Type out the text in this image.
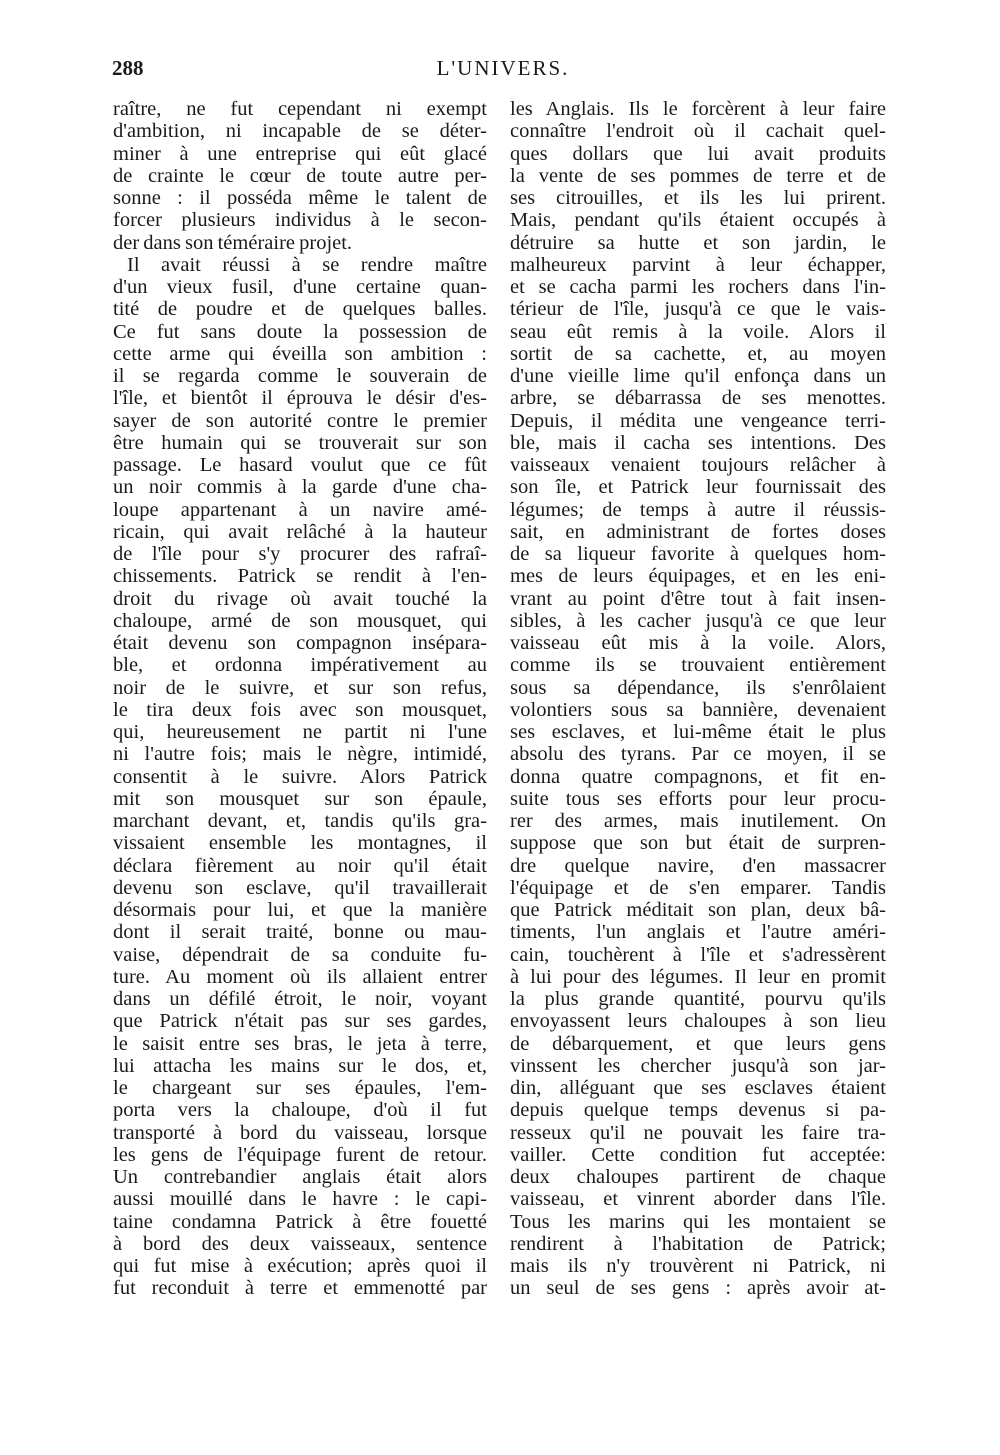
288	L'UNIVERS.
raître, ne fut cependant ni exempt
d'ambition, ni incapable de se déter-
miner à une entreprise qui eût glacé
de crainte le cœur de toute autre per-
sonne : il posséda même le talent de
forcer plusieurs individus à le secon-
der dans son téméraire projet.
Il avait réussi à se rendre maître
d'un vieux fusil, d'une certaine quan-
tité de poudre et de quelques balles.
Ce fut sans doute la possession de
cette arme qui éveilla son ambition :
il se regarda comme le souverain de
l'île, et bientôt il éprouva le désir d'es-
sayer de son autorité contre le premier
être humain qui se trouverait sur son
passage. Le hasard voulut que ce fût
un noir commis à la garde d'une cha-
loupe appartenant à un navire amé-
ricain, qui avait relâché à la hauteur
de l'île pour s'y procurer des rafraî-
chissements. Patrick se rendit à l'en-
droit du rivage où avait touché la
chaloupe, armé de son mousquet, qui
était devenu son compagnon insépara-
ble, et ordonna impérativement au
noir de le suivre, et sur son refus,
le tira deux fois avec son mousquet,
qui, heureusement ne partit ni l'une
ni l'autre fois; mais le nègre, intimidé,
consentit à le suivre. Alors Patrick
mit son mousquet sur son épaule,
marchant devant, et, tandis qu'ils gra-
vissaient ensemble les montagnes, il
déclara fièrement au noir qu'il était
devenu son esclave, qu'il travaillerait
désormais pour lui, et que la manière
dont il serait traité, bonne ou mau-
vaise, dépendrait de sa conduite fu-
ture. Au moment où ils allaient entrer
dans un défilé étroit, le noir, voyant
que Patrick n'était pas sur ses gardes,
le saisit entre ses bras, le jeta à terre,
lui attacha les mains sur le dos, et,
le chargeant sur ses épaules, l'em-
porta vers la chaloupe, d'où il fut
transporté à bord du vaisseau, lorsque
les gens de l'équipage furent de retour.
Un contrebandier anglais était alors
aussi mouillé dans le havre : le capi-
taine condamna Patrick à être fouetté
à bord des deux vaisseaux, sentence
qui fut mise à exécution; après quoi il
fut reconduit à terre et emmenotté par
les Anglais. Ils le forcèrent à leur faire
connaître l'endroit où il cachait quel-
ques dollars que lui avait produits
la vente de ses pommes de terre et de
ses citrouilles, et ils les lui prirent.
Mais, pendant qu'ils étaient occupés à
détruire sa hutte et son jardin, le
malheureux parvint à leur échapper,
et se cacha parmi les rochers dans l'in-
térieur de l'île, jusqu'à ce que le vais-
seau eût remis à la voile. Alors il
sortit de sa cachette, et, au moyen
d'une vieille lime qu'il enfonça dans un
arbre, se débarrassa de ses menottes.
Depuis, il médita une vengeance terri-
ble, mais il cacha ses intentions. Des
vaisseaux venaient toujours relâcher à
son île, et Patrick leur fournissait des
légumes; de temps à autre il réussis-
sait, en administrant de fortes doses
de sa liqueur favorite à quelques hom-
mes de leurs équipages, et en les eni-
vrant au point d'être tout à fait insen-
sibles, à les cacher jusqu'à ce que leur
vaisseau eût mis à la voile. Alors,
comme ils se trouvaient entièrement
sous sa dépendance, ils s'enrôlaient
volontiers sous sa bannière, devenaient
ses esclaves, et lui-même était le plus
absolu des tyrans. Par ce moyen, il se
donna quatre compagnons, et fit en-
suite tous ses efforts pour leur procu-
rer des armes, mais inutilement. On
suppose que son but était de surpren-
dre quelque navire, d'en massacrer
l'équipage et de s'en emparer. Tandis
que Patrick méditait son plan, deux bâ-
timents, l'un anglais et l'autre améri-
cain, touchèrent à l'île et s'adressèrent
à lui pour des légumes. Il leur en promit
la plus grande quantité, pourvu qu'ils
envoyassent leurs chaloupes à son lieu
de débarquement, et que leurs gens
vinssent les chercher jusqu'à son jar-
din, alléguant que ses esclaves étaient
depuis quelque temps devenus si pa-
resseux qu'il ne pouvait les faire tra-
vailler. Cette condition fut acceptée:
deux chaloupes partirent de chaque
vaisseau, et vinrent aborder dans l'île.
Tous les marins qui les montaient se
rendirent à l'habitation de Patrick;
mais ils n'y trouvèrent ni Patrick, ni
un seul de ses gens : après avoir at-
